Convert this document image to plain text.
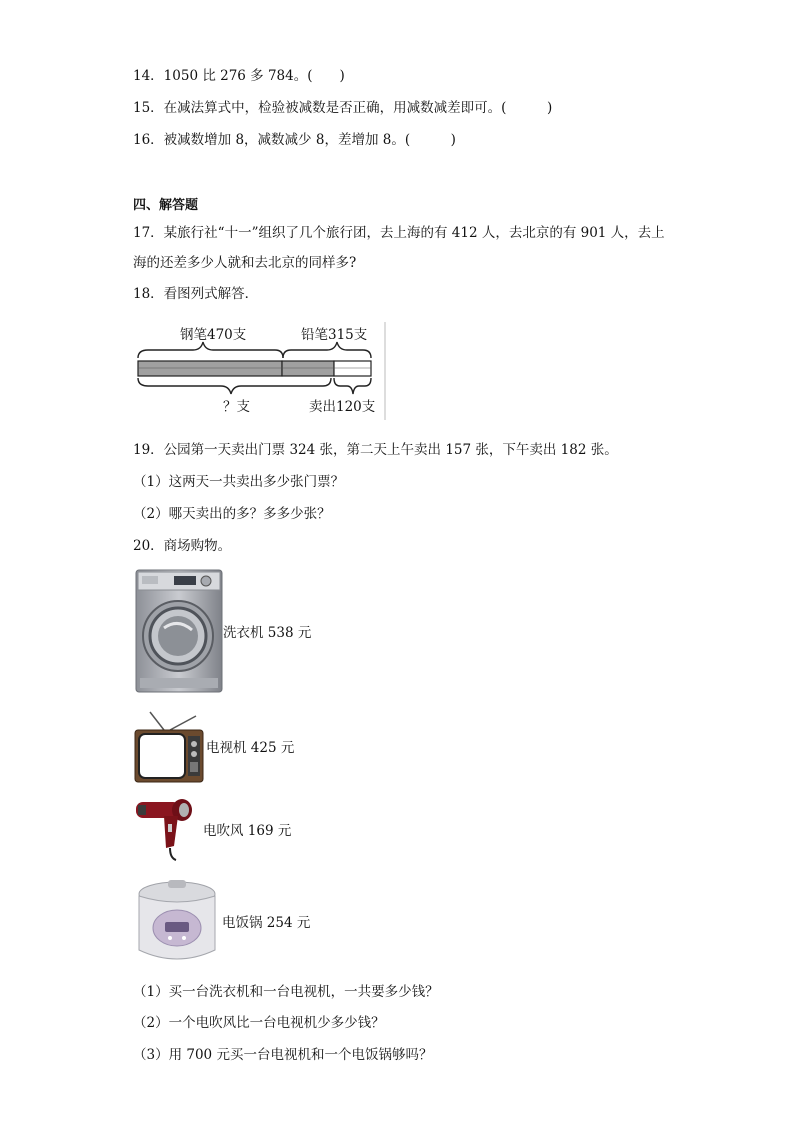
14．1050 比 276 多 784。(　　)
15．在减法算式中，检验被减数是否正确，用减数减差即可。(　　　)
16．被减数增加 8，减数减少 8，差增加 8。(　　　)
四、解答题
17．某旅行社“十一”组织了几个旅行团，去上海的有 412 人，去北京的有 901 人，去上
海的还差多少人就和去北京的同样多?
18．看图列式解答．
钢笔470支	铅笔315支
？支	卖出120支
19．公园第一天卖出门票 324 张，第二天上午卖出 157 张，下午卖出 182 张。
（1）这两天一共卖出多少张门票？
（2）哪天卖出的多？多多少张？
20．商场购物。
洗衣机 538 元
电视机 425 元
电吹风 169 元
电饭锅 254 元
（1）买一台洗衣机和一台电视机，一共要多少钱？
（2）一个电吹风比一台电视机少多少钱？
（3）用 700 元买一台电视机和一个电饭锅够吗？
